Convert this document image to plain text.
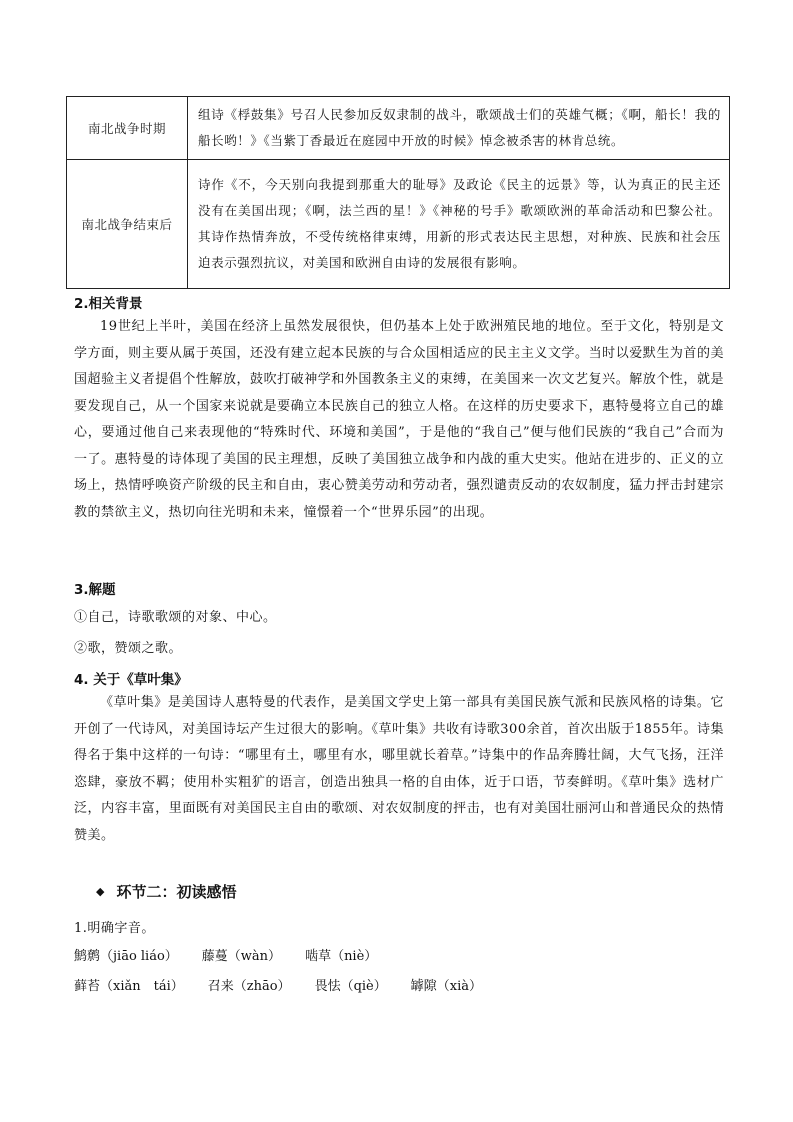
南北战争时期	组诗《桴鼓集》号召人民参加反奴隶制的战斗，歌颂战士们的英雄气概；《啊，船长！我的船长哟！》《当紫丁香最近在庭园中开放的时候》悼念被杀害的林肯总统。
南北战争结束后	诗作《不，今天别向我提到那重大的耻辱》及政论《民主的远景》等，认为真正的民主还没有在美国出现；《啊，法兰西的星！》《神秘的号手》歌颂欧洲的革命活动和巴黎公社。其诗作热情奔放，不受传统格律束缚，用新的形式表达民主思想，对种族、民族和社会压迫表示强烈抗议，对美国和欧洲自由诗的发展很有影响。
2.相关背景

19世纪上半叶，美国在经济上虽然发展很快，但仍基本上处于欧洲殖民地的地位。至于文化，特别是文学方面，则主要从属于英国，还没有建立起本民族的与合众国相适应的民主主义文学。当时以爱默生为首的美国超验主义者提倡个性解放，鼓吹打破神学和外国教条主义的束缚，在美国来一次文艺复兴。解放个性，就是要发现自己，从一个国家来说就是要确立本民族自己的独立人格。在这样的历史要求下，惠特曼将立自己的雄心，要通过他自己来表现他的“特殊时代、环境和美国”，于是他的“我自己”便与他们民族的“我自己”合而为一了。惠特曼的诗体现了美国的民主理想，反映了美国独立战争和内战的重大史实。他站在进步的、正义的立场上，热情呼唤资产阶级的民主和自由，衷心赞美劳动和劳动者，强烈谴责反动的农奴制度，猛力抨击封建宗教的禁欲主义，热切向往光明和未来，憧憬着一个“世界乐园”的出现。

3.解题
①自己，诗歌歌颂的对象、中心。
②歌，赞颂之歌。
4. 关于《草叶集》

《草叶集》是美国诗人惠特曼的代表作，是美国文学史上第一部具有美国民族气派和民族风格的诗集。它开创了一代诗风，对美国诗坛产生过很大的影响。《草叶集》共收有诗歌300余首，首次出版于1855年。诗集得名于集中这样的一句诗：“哪里有土，哪里有水，哪里就长着草。”诗集中的作品奔腾壮阔，大气飞扬，汪洋恣肆，豪放不羁；使用朴实粗犷的语言，创造出独具一格的自由体，近于口语，节奏鲜明。《草叶集》选材广泛，内容丰富，里面既有对美国民主自由的歌颂、对农奴制度的抨击，也有对美国壮丽河山和普通民众的热情赞美。

◆ 环节二：初读感悟
1.明确字音。
鹪鹩（jiāo liáo） 藤蔓（wàn） 啮草（niè）
藓苔（xiǎn　tái） 召来（zhāo） 畏怯（qiè） 罅隙（xià）
